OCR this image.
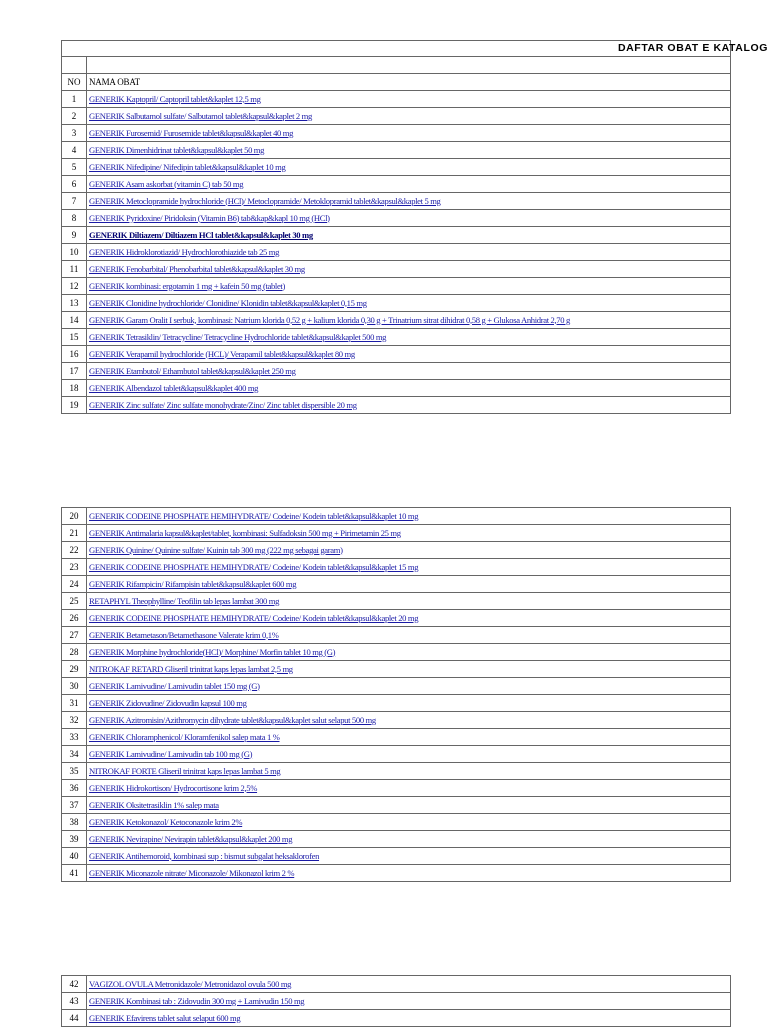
DAFTAR OBAT E KATALOG	

NO	NAMA OBAT
1	GENERIK Kaptopril/ Captopril tablet&kaplet 12,5 mg
2	GENERIK Salbutamol sulfate/ Salbutamol tablet&kapsul&kaplet 2 mg
3	GENERIK Furosemid/ Furosemide tablet&kapsul&kaplet 40 mg
4	GENERIK Dimenhidrinat tablet&kapsul&kaplet 50 mg
5	GENERIK Nifedipine/ Nifedipin tablet&kapsul&kaplet 10 mg
6	GENERIK Asam askorbat (vitamin C) tab 50 mg
7	GENERIK Metoclopramide hydrochloride (HCl)/ Metoclopramide/ Metoklopramid tablet&kapsul&kaplet 5 mg
8	GENERIK Pyridoxine/ Piridoksin (Vitamin B6) tab&kap&kapl 10 mg (HCl)
9	GENERIK Diltiazem/ Diltiazem HCl tablet&kapsul&kaplet 30 mg
10	GENERIK Hidroklorotiazid/ Hydrochlorothiazide tab 25 mg
11	GENERIK Fenobarbital/ Phenobarbital tablet&kapsul&kaplet 30 mg
12	GENERIK kombinasi: ergotamin 1 mg + kafein 50 mg (tablet)
13	GENERIK Clonidine hydrochloride/ Clonidine/ Klonidin tablet&kapsul&kaplet 0,15 mg
14	GENERIK Garam Oralit I serbuk, kombinasi: Natrium klorida 0,52 g + kalium klorida 0,30 g + Trinatrium sitrat dihidrat 0,58 g + Glukosa Anhidrat 2,70 g
15	GENERIK Tetrasiklin/ Tetracycline/ Tetracycline Hydrochloride tablet&kapsul&kaplet 500 mg
16	GENERIK Verapamil hydrochloride (HCL)/ Verapamil tablet&kapsul&kaplet 80 mg
17	GENERIK Etambutol/ Ethambutol tablet&kapsul&kaplet 250 mg
18	GENERIK Albendazol tablet&kapsul&kaplet 400 mg
19	GENERIK Zinc sulfate/ Zinc sulfate monohydrate/Zinc/ Zinc tablet dispersible 20 mg
20	GENERIK CODEINE PHOSPHATE HEMIHYDRATE/ Codeine/ Kodein tablet&kapsul&kaplet 10 mg
21	GENERIK Antimalaria kapsul&kaplet/tablet, kombinasi: Sulfadoksin 500 mg + Pirimetamin 25 mg
22	GENERIK Quinine/ Quinine sulfate/ Kuinin tab 300 mg (222 mg sebagai garam)
23	GENERIK CODEINE PHOSPHATE HEMIHYDRATE/ Codeine/ Kodein tablet&kapsul&kaplet 15 mg
24	GENERIK Rifampicin/ Rifampisin tablet&kapsul&kaplet 600 mg
25	RETAPHYL Theophylline/ Teofilin tab lepas lambat 300 mg
26	GENERIK CODEINE PHOSPHATE HEMIHYDRATE/ Codeine/ Kodein tablet&kapsul&kaplet 20 mg
27	GENERIK Betametason/Betamethasone Valerate krim 0,1%
28	GENERIK Morphine hydrochloride(HCl)/ Morphine/ Morfin tablet 10 mg (G)
29	NITROKAF RETARD Gliseril trinitrat kaps lepas lambat 2,5 mg
30	GENERIK Lamivudine/ Lamivudin tablet 150 mg (G)
31	GENERIK Zidovudine/ Zidovudin kapsul 100 mg
32	GENERIK Azitromisin/Azithromycin dihydrate tablet&kapsul&kaplet salut selaput 500 mg
33	GENERIK Chloramphenicol/ Kloramfenikol salep mata 1 %
34	GENERIK Lamivudine/ Lamivudin tab 100 mg (G)
35	NITROKAF FORTE Gliseril trinitrat kaps lepas lambat 5 mg
36	GENERIK Hidrokortison/ Hydrocortisone krim 2,5%
37	GENERIK Oksitetrasiklin 1% salep mata
38	GENERIK Ketokonazol/ Ketoconazole krim 2%
39	GENERIK Nevirapine/ Nevirapin tablet&kapsul&kaplet 200 mg
40	GENERIK Antihemoroid, kombinasi sup : bismut subgalat heksaklorofen
41	GENERIK Miconazole nitrate/ Miconazole/ Mikonazol krim 2 %
42	VAGIZOL OVULA Metronidazole/ Metronidazol ovula 500 mg
43	GENERIK Kombinasi tab : Zidovudin 300 mg + Lamivudin 150 mg
44	GENERIK Efavirens tablet salut selaput 600 mg
